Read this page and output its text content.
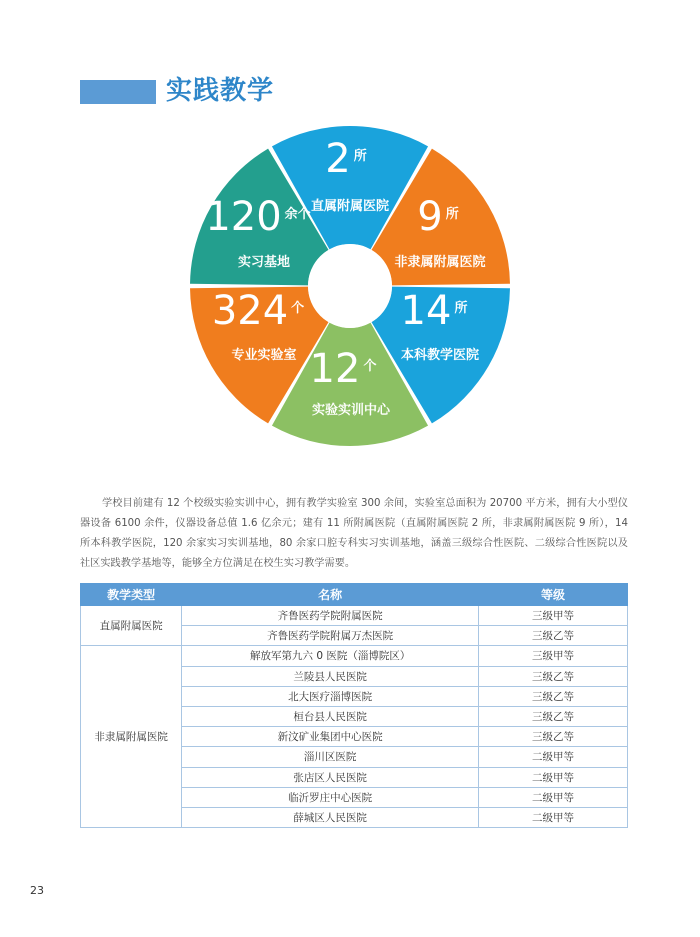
实践教学
2 $^所$
直属附属医院 9 $^所$
非隶属附属医院
14 $^所$
本科教学医院
12 $^个$
实验实训中心
324 $^个$
专业实验室
120 $^{余个}$
实习基地
学校目前建有 12 个校级实验实训中心，拥有教学实验室 300 余间，实验室总面积为 20700 平方米，拥有大小型仪器设备 6100 余件，仪器设备总值 1.6 亿余元；建有 11 所附属医院（直属附属医院 2 所，非隶属附属医院 9 所），14 所本科教学医院，120 余家实习实训基地，80 余家口腔专科实习实训基地，涵盖三级综合性医院、二级综合性医院以及社区实践教学基地等，能够全方位满足在校生实习教学需要。
教学类型	名称	等级
直属附属医院	齐鲁医药学院附属医院	三级甲等
	齐鲁医药学院附属万杰医院	三级乙等
非隶属附属医院	解放军第九六 0 医院（淄博院区）	三级甲等
	兰陵县人民医院	三级乙等
	北大医疗淄博医院	三级乙等
	桓台县人民医院	三级乙等
	新汶矿业集团中心医院	三级乙等
	淄川区医院	二级甲等
	张店区人民医院	二级甲等
	临沂罗庄中心医院	二级甲等
	薛城区人民医院	二级甲等
23
